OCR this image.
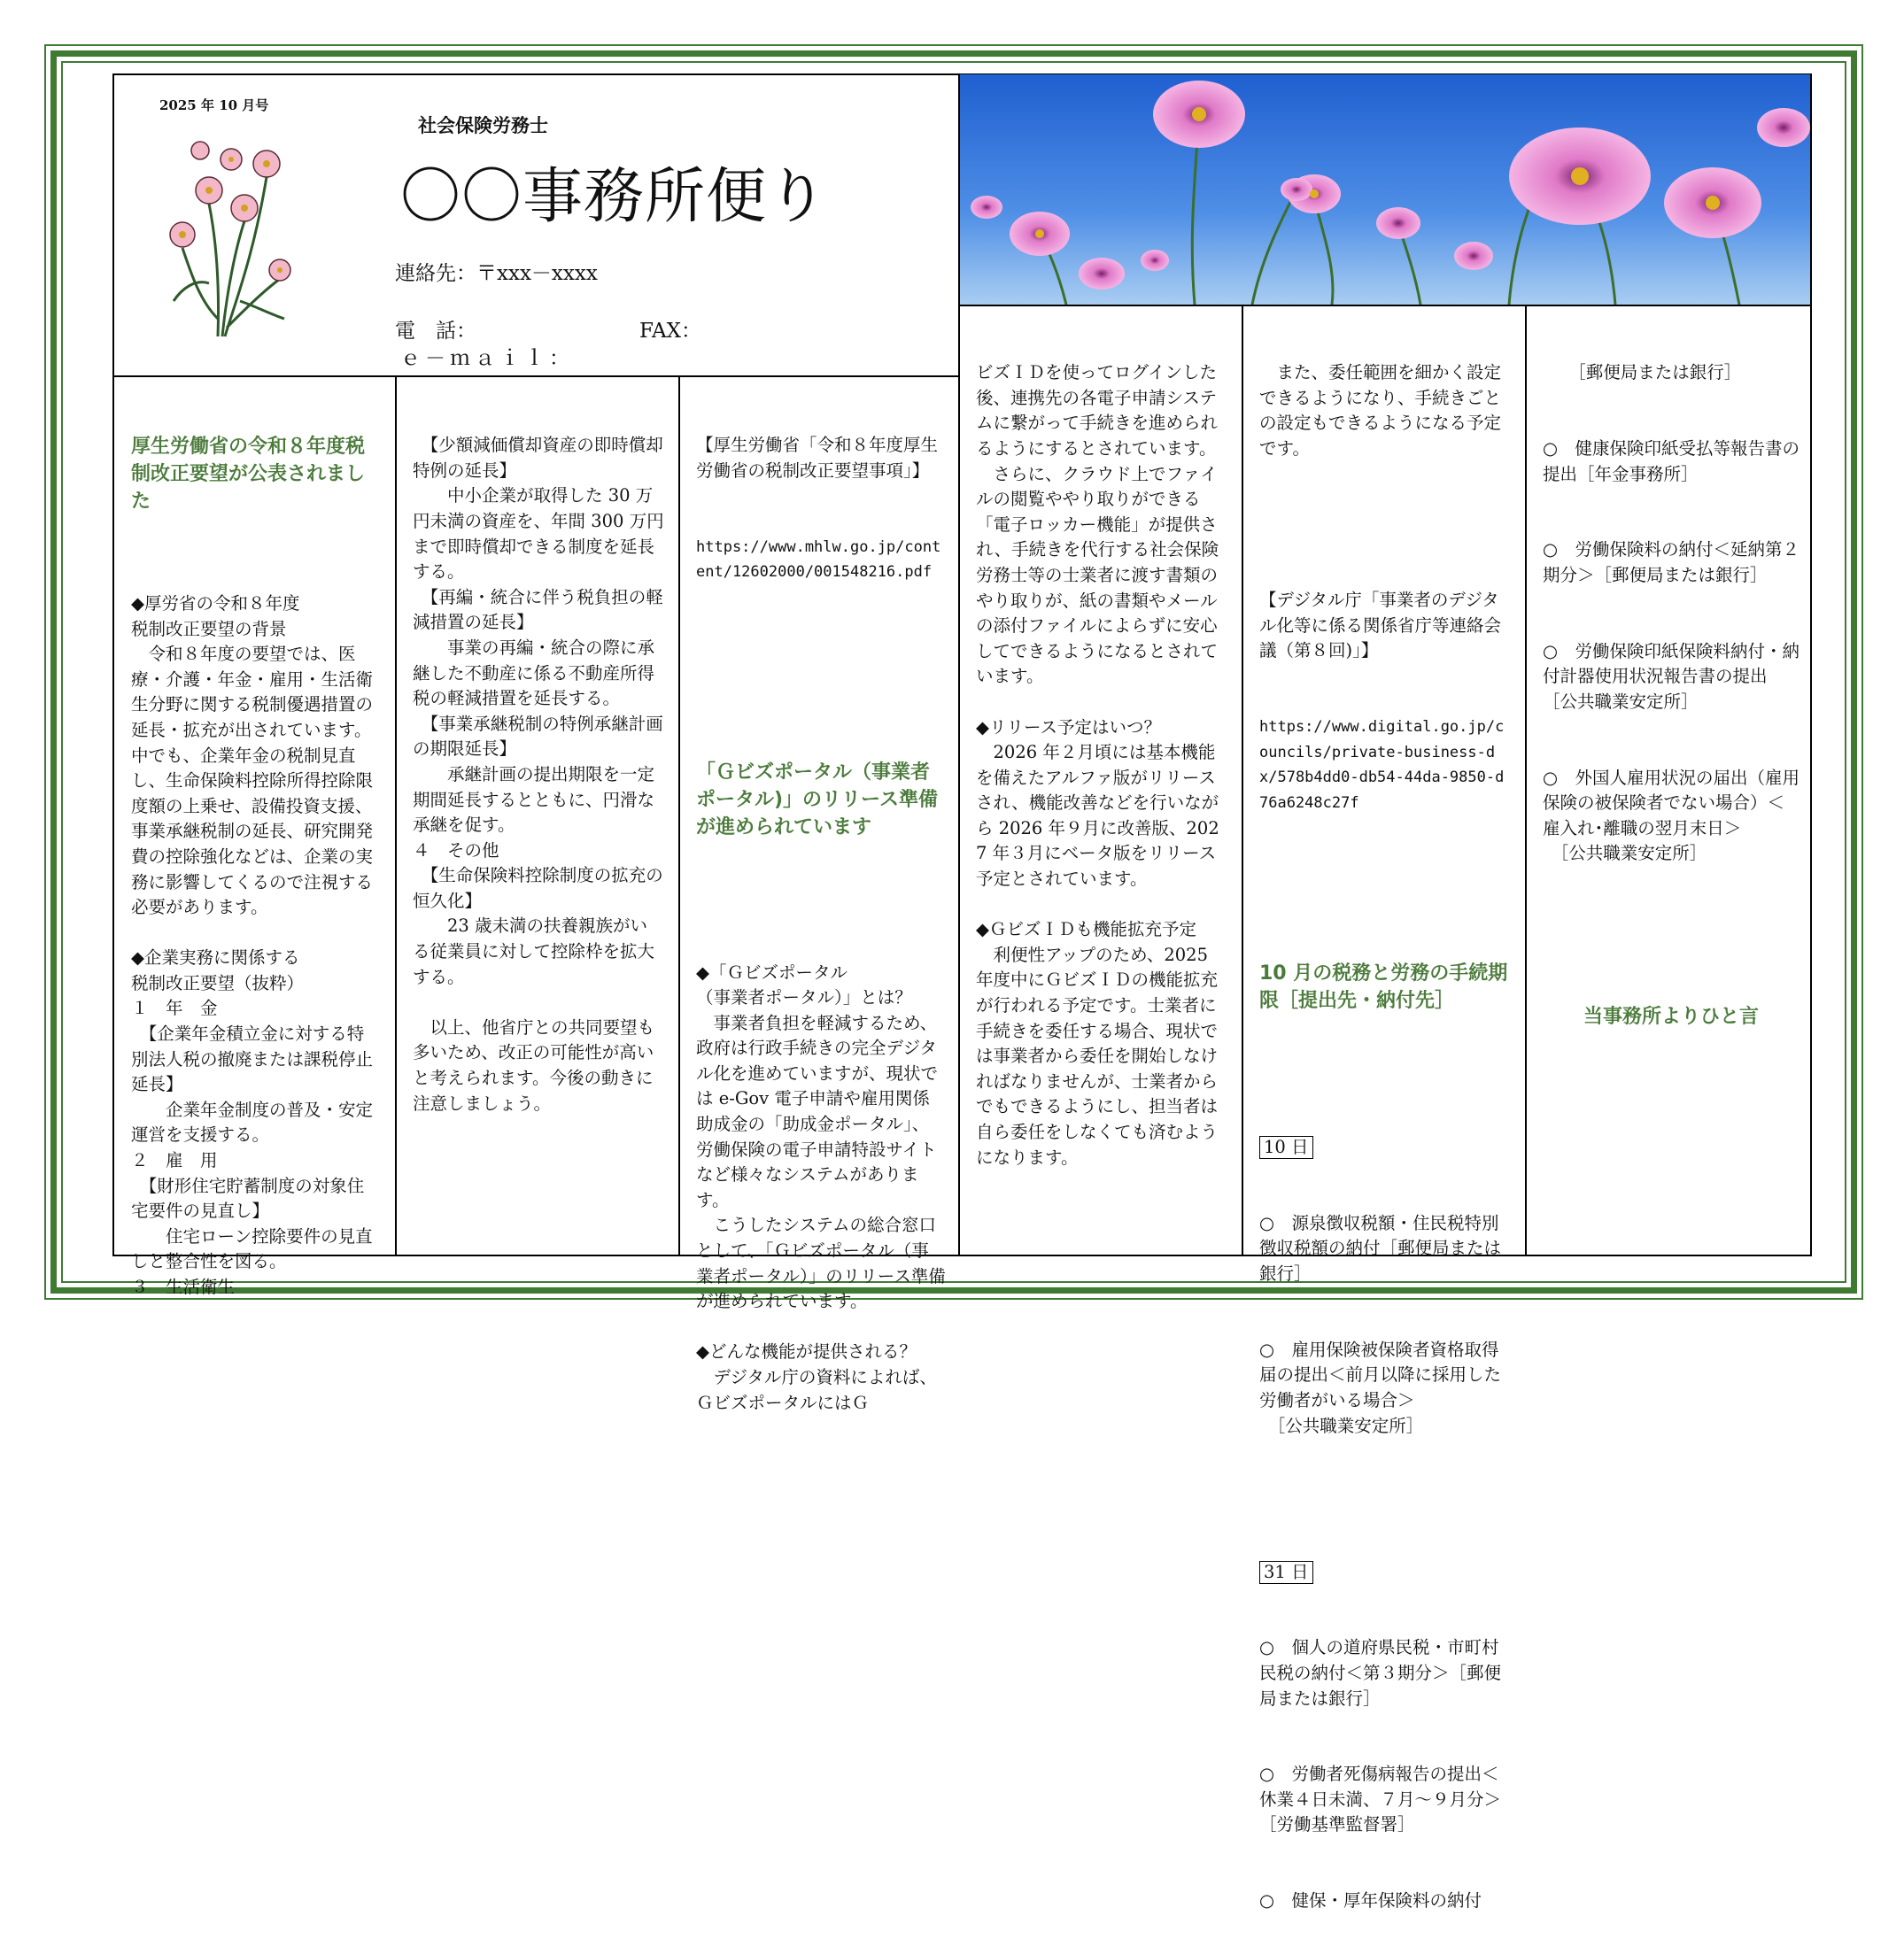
2025 年 10 月号
社会保険労務士
〇〇事務所便り
連絡先：〒xxx－xxxx
電　話：	FAX：
ｅ－ｍａｉｌ：

厚生労働省の令和８年度税制改正要望が公表されました

◆厚労省の令和８年度
税制改正要望の背景
　令和８年度の要望では、医療・介護・年金・雇用・生活衛生分野に関する税制優遇措置の延長・拡充が出されています。中でも、企業年金の税制見直し、生命保険料控除所得控除限度額の上乗せ、設備投資支援、事業承継税制の延長、研究開発費の控除強化などは、企業の実務に影響してくるので注視する必要があります。

◆企業実務に関係する
税制改正要望（抜粋）
１　年　金
　【企業年金積立金に対する特別法人税の撤廃または課税停止延長】
　　企業年金制度の普及・安定運営を支援する。
２　雇　用
　【財形住宅貯蓄制度の対象住宅要件の見直し】
　　住宅ローン控除要件の見直しと整合性を図る。
３　生活衛生

　【少額減価償却資産の即時償却特例の延長】
　　中小企業が取得した 30 万円未満の資産を、年間 300 万円まで即時償却できる制度を延長する。
　【再編・統合に伴う税負担の軽減措置の延長】
　　事業の再編・統合の際に承継した不動産に係る不動産所得税の軽減措置を延長する。
　【事業承継税制の特例承継計画の期限延長】
　　承継計画の提出期限を一定期間延長するとともに、円滑な承継を促す。
４　その他
　【生命保険料控除制度の拡充の恒久化】
　　23 歳未満の扶養親族がいる従業員に対して控除枠を拡大する。

　以上、他省庁との共同要望も多いため、改正の可能性が高いと考えられます。今後の動きに注意しましょう。

【厚生労働省「令和８年度厚生労働省の税制改正要望事項」】

https://www.mhlw.go.jp/content/12602000/001548216.pdf

「Ｇビズポータル（事業者ポータル)」のリリース準備が進められています

◆「Ｇビズポータル
（事業者ポータル）」とは？
　事業者負担を軽減するため、政府は行政手続きの完全デジタル化を進めていますが、現状では e-Gov 電子申請や雇用関係助成金の「助成金ポータル」、労働保険の電子申請特設サイトなど様々なシステムがあります。
　こうしたシステムの総合窓口として、「Ｇビズポータル（事業者ポータル）」のリリース準備が進められています。

◆どんな機能が提供される？
　デジタル庁の資料によれば、ＧビズポータルにはＧ

ビズＩＤを使ってログインした後、連携先の各電子申請システムに繋がって手続きを進められるようにするとされています。
　さらに、クラウド上でファイルの閲覧ややり取りができる「電子ロッカー機能」が提供され、手続きを代行する社会保険労務士等の士業者に渡す書類のやり取りが、紙の書類やメールの添付ファイルによらずに安心してできるようになるとされています。

◆リリース予定はいつ？
　2026 年２月頃には基本機能を備えたアルファ版がリリースされ、機能改善などを行いながら 2026 年９月に改善版、2027 年３月にベータ版をリリース予定とされています。

◆ＧビズＩＤも機能拡充予定
　利便性アップのため、2025 年度中にＧビズＩＤの機能拡充が行われる予定です。士業者に手続きを委任する場合、現状では事業者から委任を開始しなければなりませんが、士業者からでもできるようにし、担当者は自ら委任をしなくても済むようになります。

　また、委任範囲を細かく設定できるようになり、手続きごとの設定もできるようになる予定です。

【デジタル庁「事業者のデジタル化等に係る関係省庁等連絡会議（第８回)」】

https://www.digital.go.jp/councils/private-business-dx/578b4dd0-db54-44da-9850-d76a6248c27f

10 月の税務と労務の手続期限［提出先・納付先］

10 日

○　源泉徴収税額・住民税特別徴収税額の納付［郵便局または銀行］

○　雇用保険被保険者資格取得届の提出＜前月以降に採用した労働者がいる場合＞
　［公共職業安定所］

31 日

○　個人の道府県民税・市町村民税の納付＜第３期分＞［郵便局または銀行］

○　労働者死傷病報告の提出＜休業４日未満、７月～９月分＞［労働基準監督署］

○　健保・厚年保険料の納付

　　［郵便局または銀行］

○　健康保険印紙受払等報告書の提出［年金事務所］

○　労働保険料の納付＜延納第２期分＞［郵便局または銀行］

○　労働保険印紙保険料納付・納付計器使用状況報告書の提出［公共職業安定所］

○　外国人雇用状況の届出（雇用保険の被保険者でない場合）＜雇入れ･離職の翌月末日＞
　［公共職業安定所］

当事務所よりひと言
